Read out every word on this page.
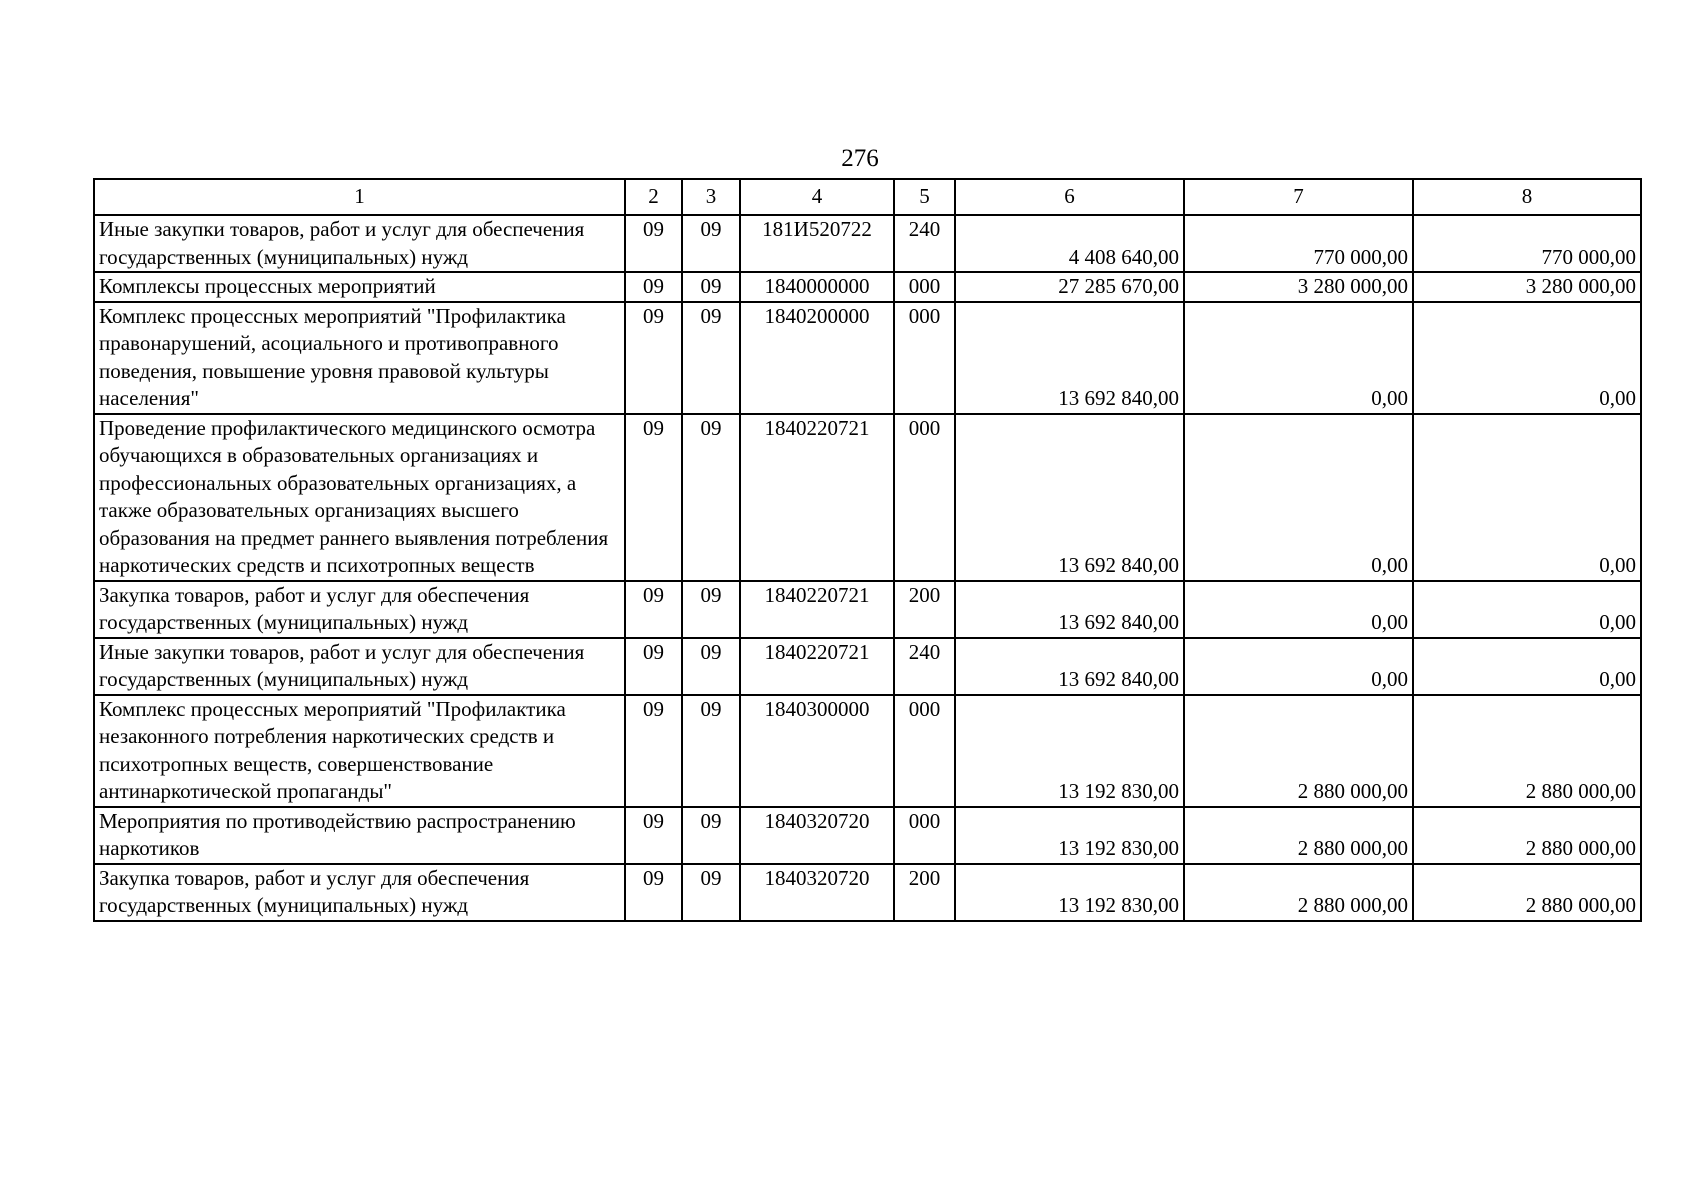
276
1	2	3	4	5	6	7	8
Иные закупки товаров, работ и услуг для обеспечения государственных (муниципальных) нужд	09	09	181И520722	240	4 408 640,00	770 000,00	770 000,00
Комплексы процессных мероприятий	09	09	1840000000	000	27 285 670,00	3 280 000,00	3 280 000,00
Комплекс процессных мероприятий "Профилактика правонарушений, асоциального и противоправного поведения, повышение уровня правовой культуры населения"	09	09	1840200000	000	13 692 840,00	0,00	0,00
Проведение профилактического медицинского осмотра обучающихся в образовательных организациях и профессиональных образовательных организациях, а также образовательных организациях высшего образования на предмет раннего выявления потребления наркотических средств и психотропных веществ	09	09	1840220721	000	13 692 840,00	0,00	0,00
Закупка товаров, работ и услуг для обеспечения государственных (муниципальных) нужд	09	09	1840220721	200	13 692 840,00	0,00	0,00
Иные закупки товаров, работ и услуг для обеспечения государственных (муниципальных) нужд	09	09	1840220721	240	13 692 840,00	0,00	0,00
Комплекс процессных мероприятий "Профилактика незаконного потребления наркотических средств и психотропных веществ, совершенствование антинаркотической пропаганды"	09	09	1840300000	000	13 192 830,00	2 880 000,00	2 880 000,00
Мероприятия по противодействию распространению наркотиков	09	09	1840320720	000	13 192 830,00	2 880 000,00	2 880 000,00
Закупка товаров, работ и услуг для обеспечения государственных (муниципальных) нужд	09	09	1840320720	200	13 192 830,00	2 880 000,00	2 880 000,00
